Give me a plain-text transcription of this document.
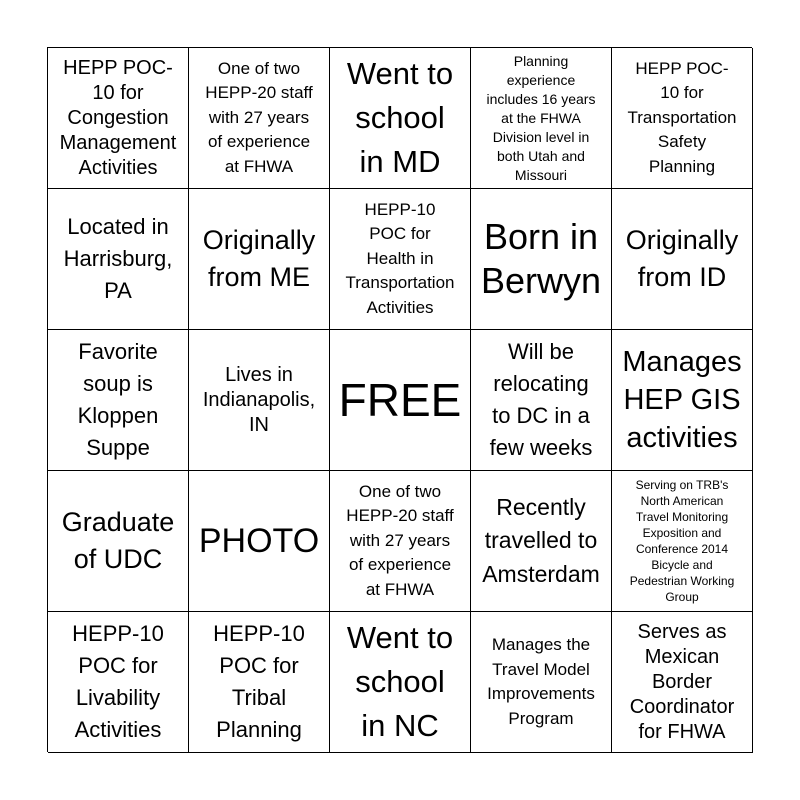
HEPP POC-
10 for
Congestion
Management
Activities
One of two
HEPP-20 staff
with 27 years
of experience
at FHWA
Went to
school
in MD
Planning
experience
includes 16 years
at the FHWA
Division level in
both Utah and
Missouri
HEPP POC-
10 for
Transportation
Safety
Planning
Located in
Harrisburg,
PA
Originally
from ME
HEPP-10
POC for
Health in
Transportation
Activities
Born in
Berwyn
Originally
from ID
Favorite
soup is
Kloppen
Suppe
Lives in
Indianapolis,
IN	FREE
Will be
relocating
to DC in a
few weeks
Manages
HEP GIS
activities
Graduate
of UDC	PHOTO
One of two
HEPP-20 staff
with 27 years
of experience
at FHWA
Recently
travelled to
Amsterdam
Serving on TRB's
North American
Travel Monitoring
Exposition and
Conference 2014
Bicycle and
Pedestrian Working
Group
HEPP-10
POC for
Livability
Activities
HEPP-10
POC for
Tribal
Planning
Went to
school
in NC
Manages the
Travel Model
Improvements
Program
Serves as
Mexican
Border
Coordinator
for FHWA
